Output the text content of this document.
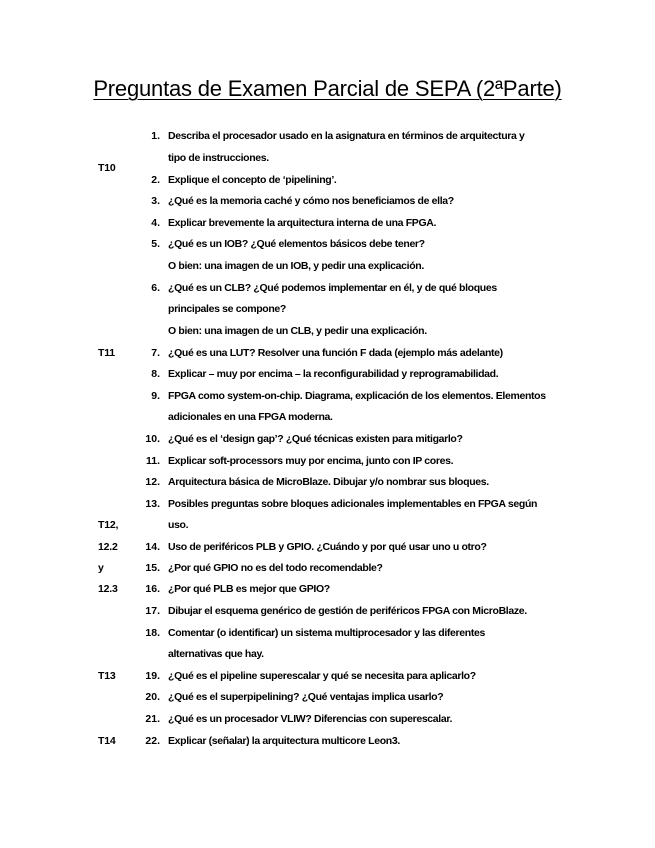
Preguntas de Examen Parcial de SEPA (2ªParte)
T10
T11
T12,
12.2
y
12.3
T13
T14
1. Describa el procesador usado en la asignatura en términos de arquitectura y
tipo de instrucciones.
2. Explique el concepto de ‘pipelining’.
3. ¿Qué es la memoria caché y cómo nos beneficiamos de ella?
4. Explicar brevemente la arquitectura interna de una FPGA.
5. ¿Qué es un IOB? ¿Qué elementos básicos debe tener?
O bien: una imagen de un IOB, y pedir una explicación.
6. ¿Qué es un CLB? ¿Qué podemos implementar en él, y de qué bloques
principales se compone?
O bien: una imagen de un CLB, y pedir una explicación.
7. ¿Qué es una LUT? Resolver una función F dada (ejemplo más adelante)
8. Explicar – muy por encima – la reconfigurabilidad y reprogramabilidad.
9. FPGA como system-on-chip. Diagrama, explicación de los elementos. Elementos
adicionales en una FPGA moderna.
10. ¿Qué es el ‘design gap’? ¿Qué técnicas existen para mitigarlo?
11. Explicar soft-processors muy por encima, junto con IP cores.
12. Arquitectura básica de MicroBlaze. Dibujar y/o nombrar sus bloques.
13. Posibles preguntas sobre bloques adicionales implementables en FPGA según
uso.
14. Uso de periféricos PLB y GPIO. ¿Cuándo y por qué usar uno u otro?
15. ¿Por qué GPIO no es del todo recomendable?
16. ¿Por qué PLB es mejor que GPIO?
17. Dibujar el esquema genérico de gestión de periféricos FPGA con MicroBlaze.
18. Comentar (o identificar) un sistema multiprocesador y las diferentes
alternativas que hay.
19. ¿Qué es el pipeline superescalar y qué se necesita para aplicarlo?
20. ¿Qué es el superpipelining? ¿Qué ventajas implica usarlo?
21. ¿Qué es un procesador VLIW? Diferencias con superescalar.
22. Explicar (señalar) la arquitectura multicore Leon3.
